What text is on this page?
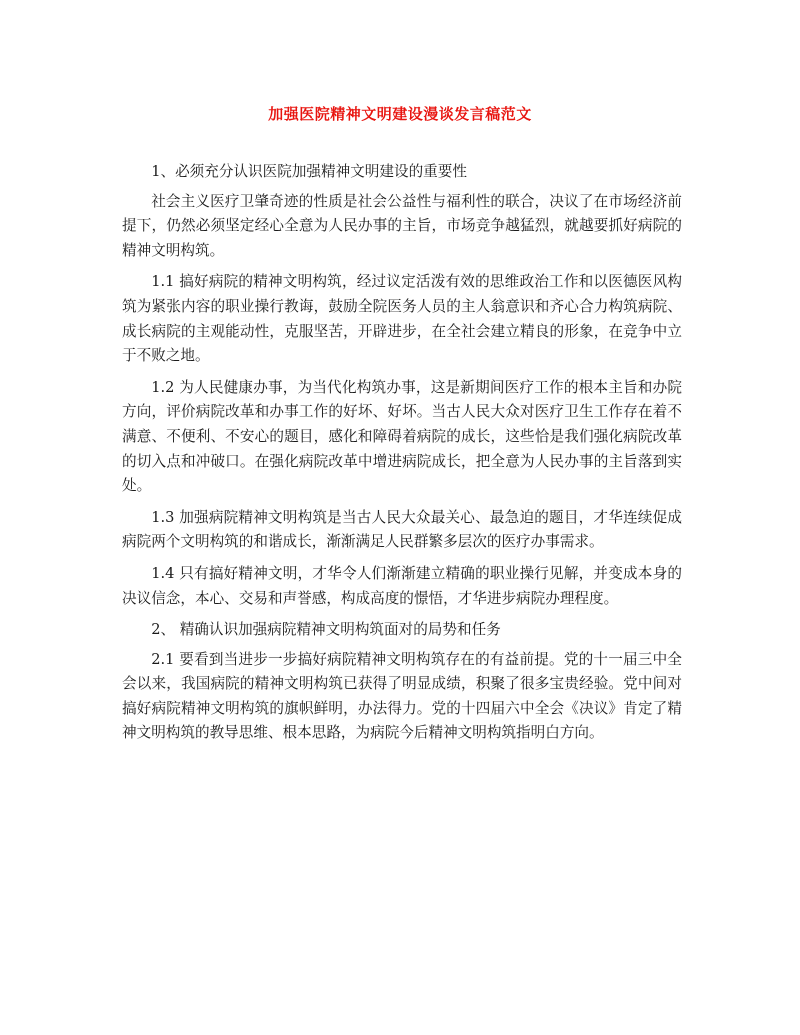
加强医院精神文明建设漫谈发言稿范文

1、必须充分认识医院加强精神文明建设的重要性

社会主义医疗卫肇奇迹的性质是社会公益性与福利性的联合，决议了在市场经济前提下，仍然必须坚定经心全意为人民办事的主旨，市场竞争越猛烈，就越要抓好病院的精神文明构筑。

1.1 搞好病院的精神文明构筑，经过议定活泼有效的思维政治工作和以医德医风构筑为紧张内容的职业操行教诲，鼓励全院医务人员的主人翁意识和齐心合力构筑病院、成长病院的主观能动性，克服坚苦，开辟进步，在全社会建立精良的形象，在竞争中立于不败之地。

1.2 为人民健康办事，为当代化构筑办事，这是新期间医疗工作的根本主旨和办院方向，评价病院改革和办事工作的好坏、好坏。当古人民大众对医疗卫生工作存在着不满意、不便利、不安心的题目，感化和障碍着病院的成长，这些恰是我们强化病院改革的切入点和冲破口。在强化病院改革中增进病院成长，把全意为人民办事的主旨落到实处。

1.3 加强病院精神文明构筑是当古人民大众最关心、最急迫的题目，才华连续促成病院两个文明构筑的和谐成长，渐渐满足人民群繁多层次的医疗办事需求。

1.4 只有搞好精神文明，才华令人们渐渐建立精确的职业操行见解，并变成本身的决议信念，本心、交易和声誉感，构成高度的憬悟，才华进步病院办理程度。

2、 精确认识加强病院精神文明构筑面对的局势和任务

2.1 要看到当进步一步搞好病院精神文明构筑存在的有益前提。党的十一届三中全会以来，我国病院的精神文明构筑已获得了明显成绩，积聚了很多宝贵经验。党中间对搞好病院精神文明构筑的旗帜鲜明，办法得力。党的十四届六中全会《决议》肯定了精神文明构筑的教导思维、根本思路，为病院今后精神文明构筑指明白方向。
